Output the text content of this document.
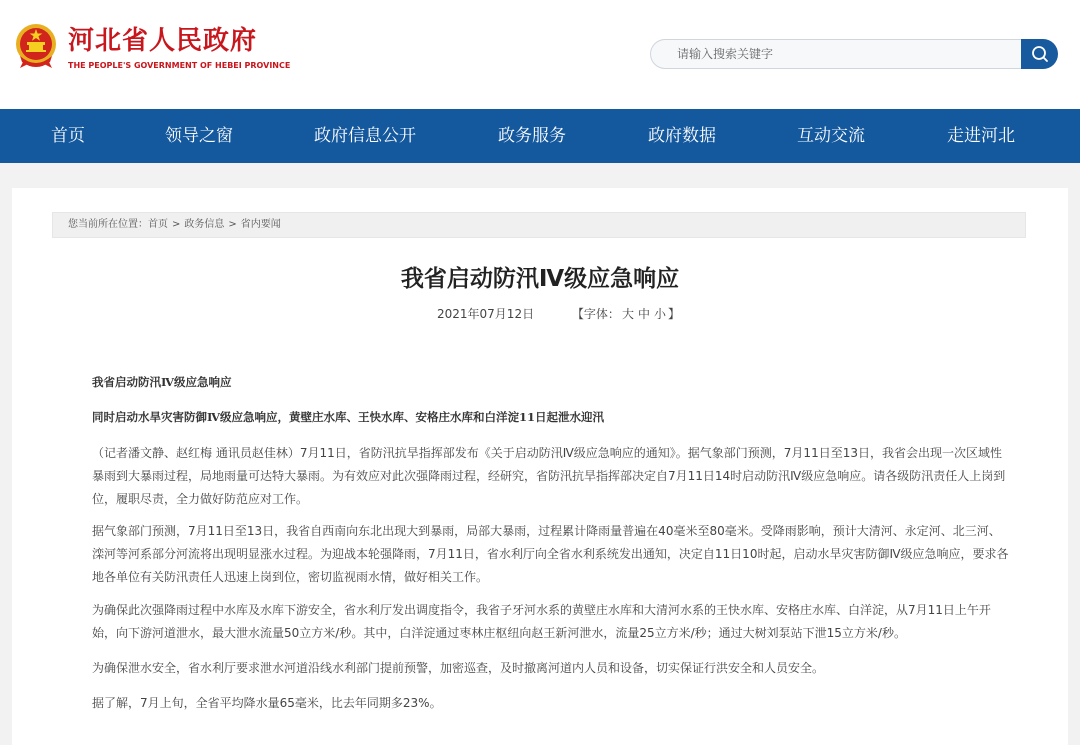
河北省人民政府
THE PEOPLE'S GOVERNMENT OF HEBEI PROVINCE
请输入搜索关键字
首页	领导之窗	政府信息公开	政务服务	政府数据	互动交流	走进河北
您当前所在位置：首页 > 政务信息 > 省内要闻
我省启动防汛Ⅳ级应急响应
2021年07月12日	【字体： 大 中 小 】

我省启动防汛Ⅳ级应急响应

同时启动水旱灾害防御Ⅳ级应急响应，黄壁庄水库、王快水库、安格庄水库和白洋淀11日起泄水迎汛

（记者潘文静、赵红梅 通讯员赵佳林）7月11日，省防汛抗旱指挥部发布《关于启动防汛Ⅳ级应急响应的通知》。据气象部门预测，7月11日至13日，我省会出现一次区域性暴雨到大暴雨过程，局地雨量可达特大暴雨。为有效应对此次强降雨过程，经研究，省防汛抗旱指挥部决定自7月11日14时启动防汛Ⅳ级应急响应。请各级防汛责任人上岗到位，履职尽责，全力做好防范应对工作。

据气象部门预测，7月11日至13日，我省自西南向东北出现大到暴雨，局部大暴雨，过程累计降雨量普遍在40毫米至80毫米。受降雨影响，预计大清河、永定河、北三河、滦河等河系部分河流将出现明显涨水过程。为迎战本轮强降雨，7月11日，省水利厅向全省水利系统发出通知，决定自11日10时起，启动水旱灾害防御Ⅳ级应急响应，要求各地各单位有关防汛责任人迅速上岗到位，密切监视雨水情，做好相关工作。

为确保此次强降雨过程中水库及水库下游安全，省水利厅发出调度指令，我省子牙河水系的黄壁庄水库和大清河水系的王快水库、安格庄水库、白洋淀，从7月11日上午开始，向下游河道泄水，最大泄水流量50立方米/秒。其中，白洋淀通过枣林庄枢纽向赵王新河泄水，流量25立方米/秒；通过大树刘泵站下泄15立方米/秒。

为确保泄水安全，省水利厅要求泄水河道沿线水利部门提前预警，加密巡查，及时撤离河道内人员和设备，切实保证行洪安全和人员安全。

据了解，7月上旬，全省平均降水量65毫米，比去年同期多23%。
